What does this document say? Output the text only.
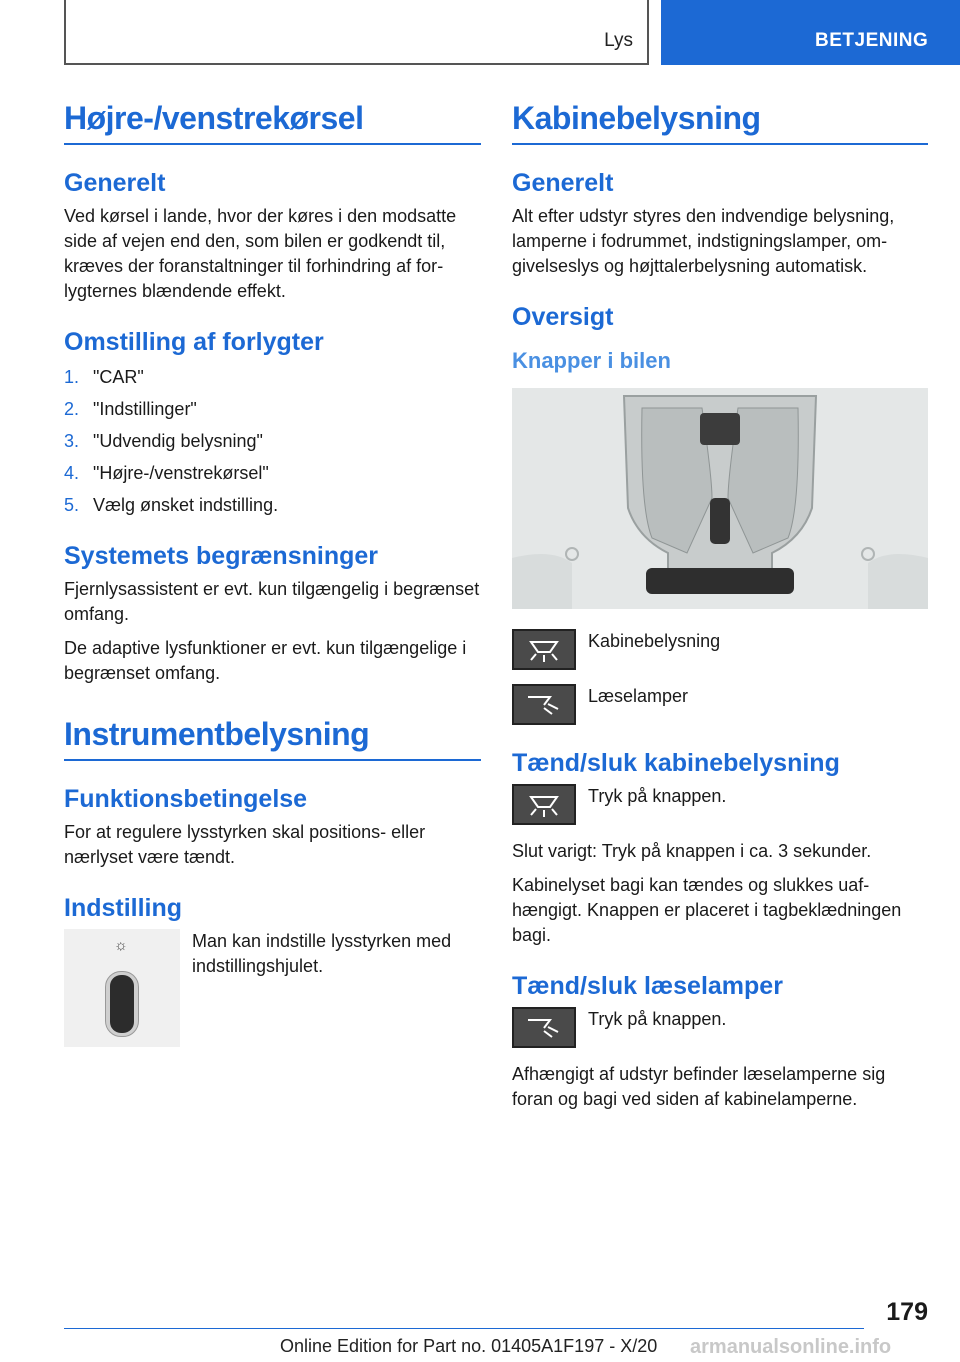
Lys	BETJENING
Højre-/venstrekørsel
Generelt

Ved kørsel i lande, hvor der køres i den modsatte side af vejen end den, som bilen er godkendt til, kræves der foranstaltninger til forhindring af forlygternes blændende effekt.

Omstilling af forlygter
1. "CAR"
2. "Indstillinger"
3. "Udvendig belysning"
4. "Højre-/venstrekørsel"
5. Vælg ønsket indstilling.
Systemets begrænsninger

Fjernlysassistent er evt. kun tilgængelig i begrænset omfang.

De adaptive lysfunktioner er evt. kun tilgængelige i begrænset omfang.

Instrumentbelysning
Funktionsbetingelse

For at regulere lysstyrken skal positions- eller nærlyset være tændt.

Indstilling
☼	Man kan indstille lysstyrken med indstillingshjulet.
Kabinebelysning
Generelt

Alt efter udstyr styres den indvendige belysning, lamperne i fodrummet, indstigningslamper, omgivelseslys og højttalerbelysning automatisk.

Oversigt
Knapper i bilen
Kabinebelysning
Læselamper
Tænd/sluk kabinebelysning
Tryk på knappen.

Slut varigt: Tryk på knappen i ca. 3 sekunder.

Kabinelyset bagi kan tændes og slukkes uafhængigt. Knappen er placeret i tagbeklædningen bagi.

Tænd/sluk læselamper
Tryk på knappen.

Afhængigt af udstyr befinder læselamperne sig foran og bagi ved siden af kabinelamperne.

179
Online Edition for Part no. 01405A1F197 - X/20 armanualsonline.info
